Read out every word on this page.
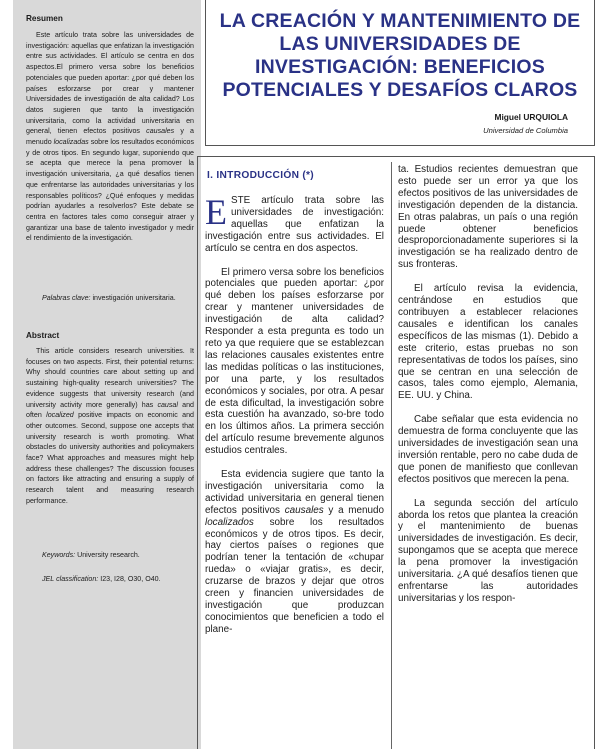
Resumen

Este artículo trata sobre las universidades de investigación: aquellas que enfatizan la investigación entre sus actividades. El artículo se centra en dos aspectos.El primero versa sobre los beneficios potenciales que pueden aportar: ¿por qué deben los países esforzarse por crear y mantener Universidades de investigación de alta calidad? Los datos sugieren que tanto la investigación universitaria, como la actividad universitaria en general, tienen efectos positivos causales y a menudo localizadas sobre los resultados económicos y de otros tipos. En segundo lugar, suponiendo que se acepta que merece la pena promover la investigación universitaria, ¿a qué desafíos tienen que enfrentarse las autoridades universitarias y los responsables políticos? ¿Qué enfoques y medidas podrían ayudarles a resolverlos? Este debate se centra en factores tales como conseguir atraer y garantizar una base de talento investigador y medir el rendimiento de la investigación.

Palabras clave: investigación universitaria.

Abstract

This article considers research universities. It focuses on two aspects. First, their potential returns: Why should countries care about setting up and sustaining high-quality research universities? The evidence suggests that university research (and university activity more generally) has causal and often localized positive impacts on economic and other outcomes. Second, suppose one accepts that university research is worth promoting. What obstacles do university authorities and policymakers face? What approaches and measures might help address these challenges? The discussion focuses on factors like attracting and ensuring a supply of research talent and measuring research performance.

Keywords: University research.

JEL classification: I23, I28, O30, O40.

LA CREACIÓN Y MANTENIMIENTO DE LAS UNIVERSIDADES DE INVESTIGACIÓN: BENEFICIOS POTENCIALES Y DESAFÍOS CLAROS
Miguel URQUIOLA
Universidad de Columbia
I. INTRODUCCIÓN (*)

ESTE artículo trata sobre las universidades de investigación: aquellas que enfatizan la investigación entre sus actividades. El artículo se centra en dos aspectos.

El primero versa sobre los beneficios potenciales que pueden aportar: ¿por qué deben los países esforzarse por crear y mantener universidades de investigación de alta calidad? Responder a esta pregunta es todo un reto ya que requiere que se establezcan las relaciones causales existentes entre las medidas políticas o las instituciones, por una parte, y los resultados económicos y sociales, por otra. A pesar de esta dificultad, la investigación sobre esta cuestión ha avanzado, so-bre todo en los últimos años. La primera sección del artículo resume brevemente algunos estudios centrales.

Esta evidencia sugiere que tanto la investigación universitaria como la actividad universitaria en general tienen efectos positivos causales y a menudo localizados sobre los resultados económicos y de otros tipos. Es decir, hay ciertos países o regiones que podrían tener la tentación de «chupar rueda» o «viajar gratis», es decir, cruzarse de brazos y dejar que otros creen y financien universidades de investigación que produzcan conocimientos que beneficien a todo el plane-

ta. Estudios recientes demuestran que esto puede ser un error ya que los efectos positivos de las universidades de investigación dependen de la distancia. En otras palabras, un país o una región puede obtener beneficios desproporcionadamente superiores si la investigación se ha realizado dentro de sus fronteras.

El artículo revisa la evidencia, centrándose en estudios que contribuyen a establecer relaciones causales e identifican los canales específicos de las mismas (1). Debido a este criterio, estas pruebas no son representativas de todos los países, sino que se centran en una selección de casos, tales como ejemplo, Alemania, EE. UU. y China.

Cabe señalar que esta evidencia no demuestra de forma concluyente que las universidades de investigación sean una inversión rentable, pero no cabe duda de que ponen de manifiesto que conllevan efectos positivos que merecen la pena.

La segunda sección del artículo aborda los retos que plantea la creación y el mantenimiento de buenas universidades de investigación. Es decir, supongamos que se acepta que merece la pena promover la investigación universitaria. ¿A qué desafíos tienen que enfrentarse las autoridades universitarias y los respon-
